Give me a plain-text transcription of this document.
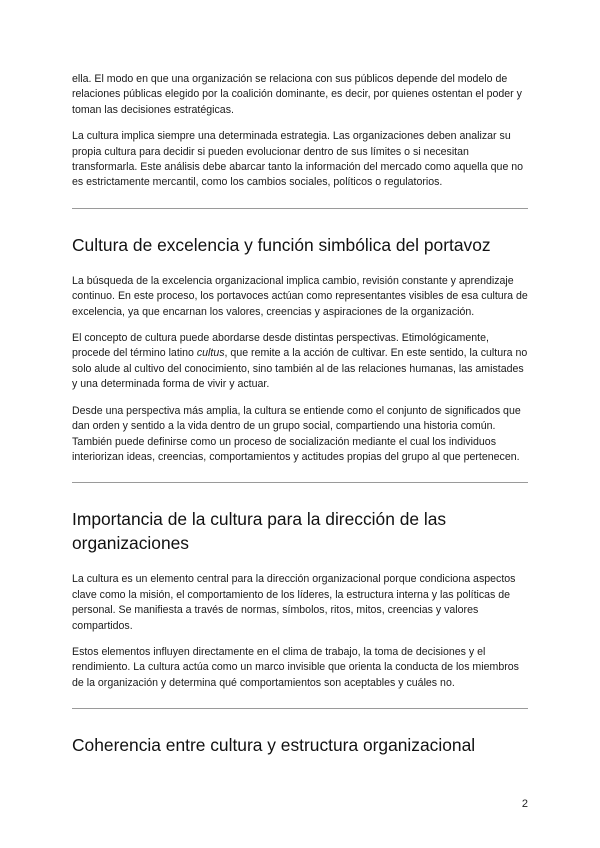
ella. El modo en que una organización se relaciona con sus públicos depende del modelo de relaciones públicas elegido por la coalición dominante, es decir, por quienes ostentan el poder y toman las decisiones estratégicas.

La cultura implica siempre una determinada estrategia. Las organizaciones deben analizar su propia cultura para decidir si pueden evolucionar dentro de sus límites o si necesitan transformarla. Este análisis debe abarcar tanto la información del mercado como aquella que no es estrictamente mercantil, como los cambios sociales, políticos o regulatorios.

Cultura de excelencia y función simbólica del portavoz

La búsqueda de la excelencia organizacional implica cambio, revisión constante y aprendizaje continuo. En este proceso, los portavoces actúan como representantes visibles de esa cultura de excelencia, ya que encarnan los valores, creencias y aspiraciones de la organización.

El concepto de cultura puede abordarse desde distintas perspectivas. Etimológicamente, procede del término latino cultus, que remite a la acción de cultivar. En este sentido, la cultura no solo alude al cultivo del conocimiento, sino también al de las relaciones humanas, las amistades y una determinada forma de vivir y actuar.

Desde una perspectiva más amplia, la cultura se entiende como el conjunto de significados que dan orden y sentido a la vida dentro de un grupo social, compartiendo una historia común. También puede definirse como un proceso de socialización mediante el cual los individuos interiorizan ideas, creencias, comportamientos y actitudes propias del grupo al que pertenecen.

Importancia de la cultura para la dirección de las organizaciones

La cultura es un elemento central para la dirección organizacional porque condiciona aspectos clave como la misión, el comportamiento de los líderes, la estructura interna y las políticas de personal. Se manifiesta a través de normas, símbolos, ritos, mitos, creencias y valores compartidos.

Estos elementos influyen directamente en el clima de trabajo, la toma de decisiones y el rendimiento. La cultura actúa como un marco invisible que orienta la conducta de los miembros de la organización y determina qué comportamientos son aceptables y cuáles no.

Coherencia entre cultura y estructura organizacional
2
